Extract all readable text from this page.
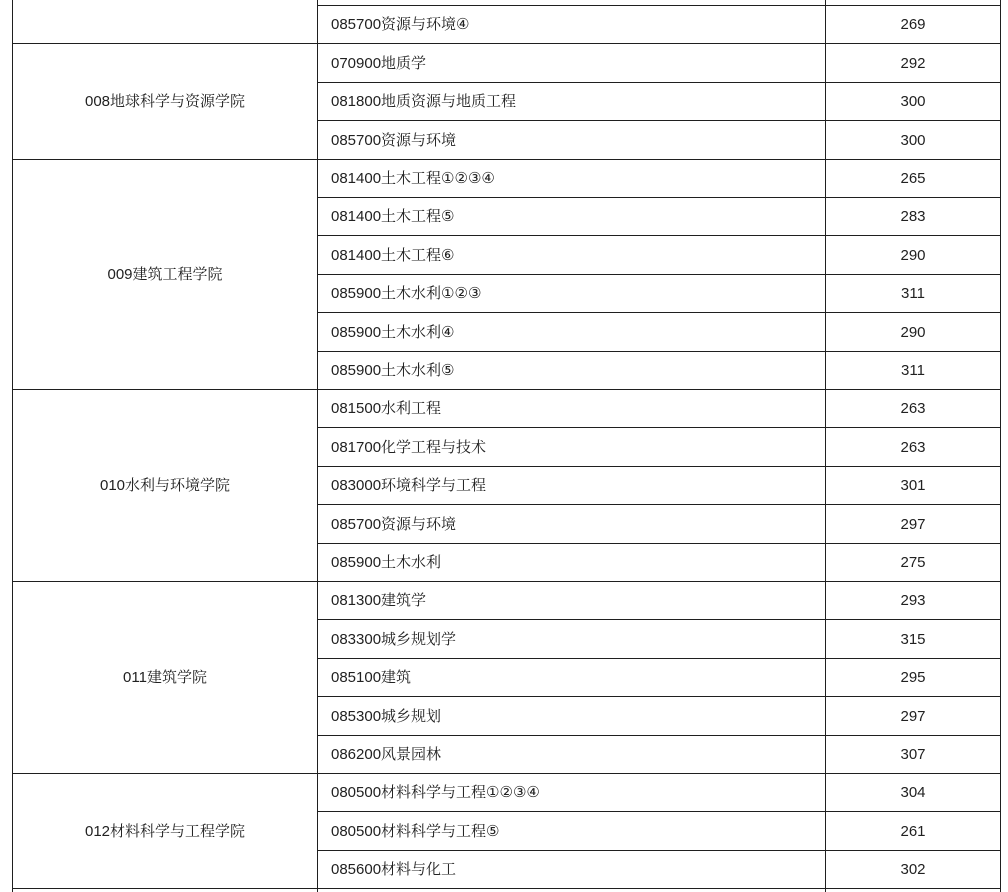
085700资源与环境④	269
008地球科学与资源学院
070900地质学	292
081800地质资源与地质工程	300
085700资源与环境	300
009建筑工程学院
081400土木工程①②③④	265
081400土木工程⑤	283
081400土木工程⑥	290
085900土木水利①②③	311
085900土木水利④	290
085900土木水利⑤	311
010水利与环境学院
081500水利工程	263
081700化学工程与技术	263
083000环境科学与工程	301
085700资源与环境	297
085900土木水利	275
011建筑学院
081300建筑学	293
083300城乡规划学	315
085100建筑	295
085300城乡规划	297
086200风景园林	307
012材料科学与工程学院
080500材料科学与工程①②③④	304
080500材料科学与工程⑤	261
085600材料与化工	302
